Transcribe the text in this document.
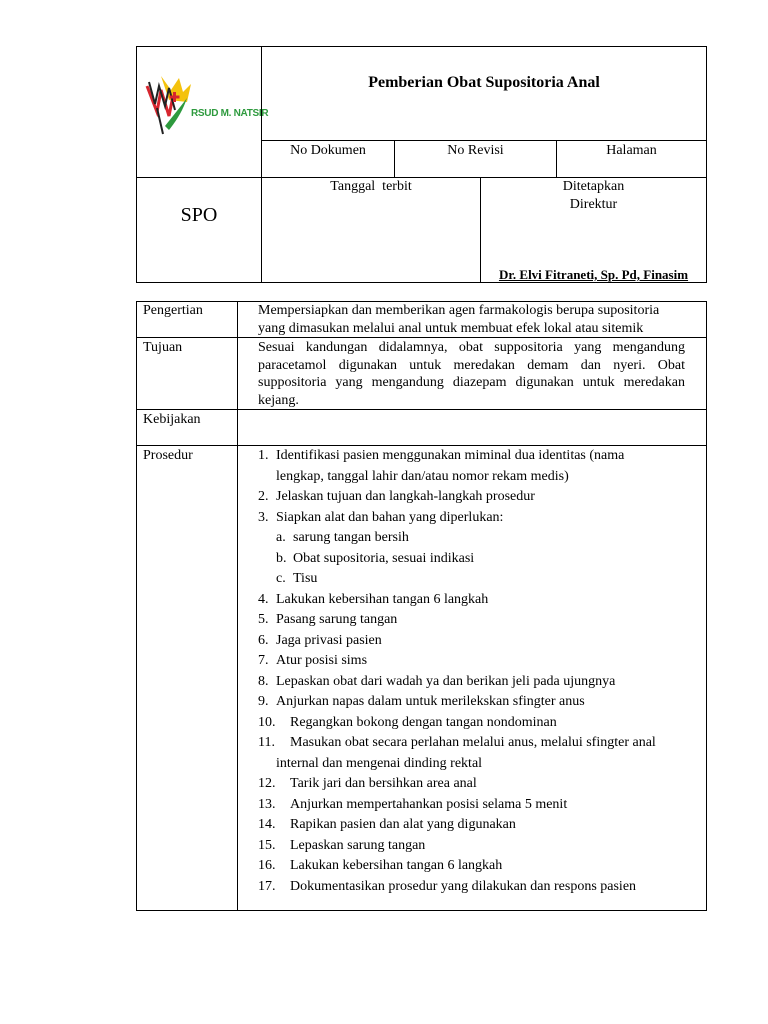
RSUD M. NATSIR
Pemberian Obat Supositoria Anal
No Dokumen	No Revisi	Halaman
SPO
Tanggal  terbit	Ditetapkan
Direktur
Dr. Elvi Fitraneti, Sp. Pd, Finasim
Pengertian	Mempersiapkan dan memberikan agen farmakologis berupa supositoria
yang dimasukan melalui anal untuk membuat efek lokal atau sitemik
Tujuan	Sesuai kandungan didalamnya, obat suppositoria yang mengandung
paracetamol digunakan untuk meredakan demam dan nyeri. Obat
suppositoria yang mengandung diazepam digunakan untuk meredakan
kejang.
Kebijakan
Prosedur	1. Identifikasi pasien menggunakan miminal dua identitas (nama
lengkap, tanggal lahir dan/atau nomor rekam medis)
2. Jelaskan tujuan dan langkah-langkah prosedur
3. Siapkan alat dan bahan yang diperlukan:
a. sarung tangan bersih
b. Obat supositoria, sesuai indikasi
c. Tisu
4. Lakukan kebersihan tangan 6 langkah
5. Pasang sarung tangan
6. Jaga privasi pasien
7. Atur posisi sims
8. Lepaskan obat dari wadah ya dan berikan jeli pada ujungnya
9. Anjurkan napas dalam untuk merilekskan sfingter anus
10. Regangkan bokong dengan tangan nondominan
11. Masukan obat secara perlahan melalui anus, melalui sfingter anal
internal dan mengenai dinding rektal
12. Tarik jari dan bersihkan area anal
13. Anjurkan mempertahankan posisi selama 5 menit
14. Rapikan pasien dan alat yang digunakan
15. Lepaskan sarung tangan
16. Lakukan kebersihan tangan 6 langkah
17. Dokumentasikan prosedur yang dilakukan dan respons pasien
